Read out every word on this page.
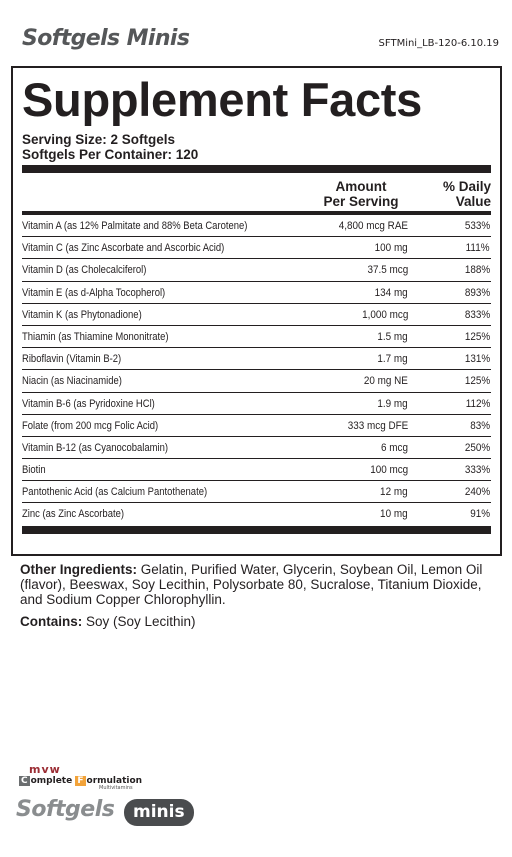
Softgels Minis	SFTMini_LB-120-6.10.19
Supplement Facts
Serving Size: 2 Softgels
Softgels Per Container: 120
Amount
Per Serving
% Daily
Value
Vitamin A (as 12% Palmitate and 88% Beta Carotene)	4,800 mcg RAE	533%
Vitamin C (as Zinc Ascorbate and Ascorbic Acid)	100 mg	111%
Vitamin D (as Cholecalciferol)	37.5 mcg	188%
Vitamin E (as d-Alpha Tocopherol)	134 mg	893%
Vitamin K (as Phytonadione)	1,000 mcg	833%
Thiamin (as Thiamine Mononitrate)	1.5 mg	125%
Riboflavin (Vitamin B-2)	1.7 mg	131%
Niacin (as Niacinamide)	20 mg NE	125%
Vitamin B-6 (as Pyridoxine HCl)	1.9 mg	112%
Folate (from 200 mcg Folic Acid)	333 mcg DFE	83%
Vitamin B-12 (as Cyanocobalamin)	6 mcg	250%
Biotin	100 mcg	333%
Pantothenic Acid (as Calcium Pantothenate)	12 mg	240%
Zinc (as Zinc Ascorbate)	10 mg	91%
Other Ingredients: Gelatin, Purified Water, Glycerin, Soybean Oil, Lemon Oil (flavor), Beeswax, Soy Lecithin, Polysorbate 80, Sucralose, Titanium Dioxide, and Sodium Copper Chlorophyllin.
Contains: Soy (Soy Lecithin)
mvw
C omplete F ormulation
Multivitamins
Softgels	minis
